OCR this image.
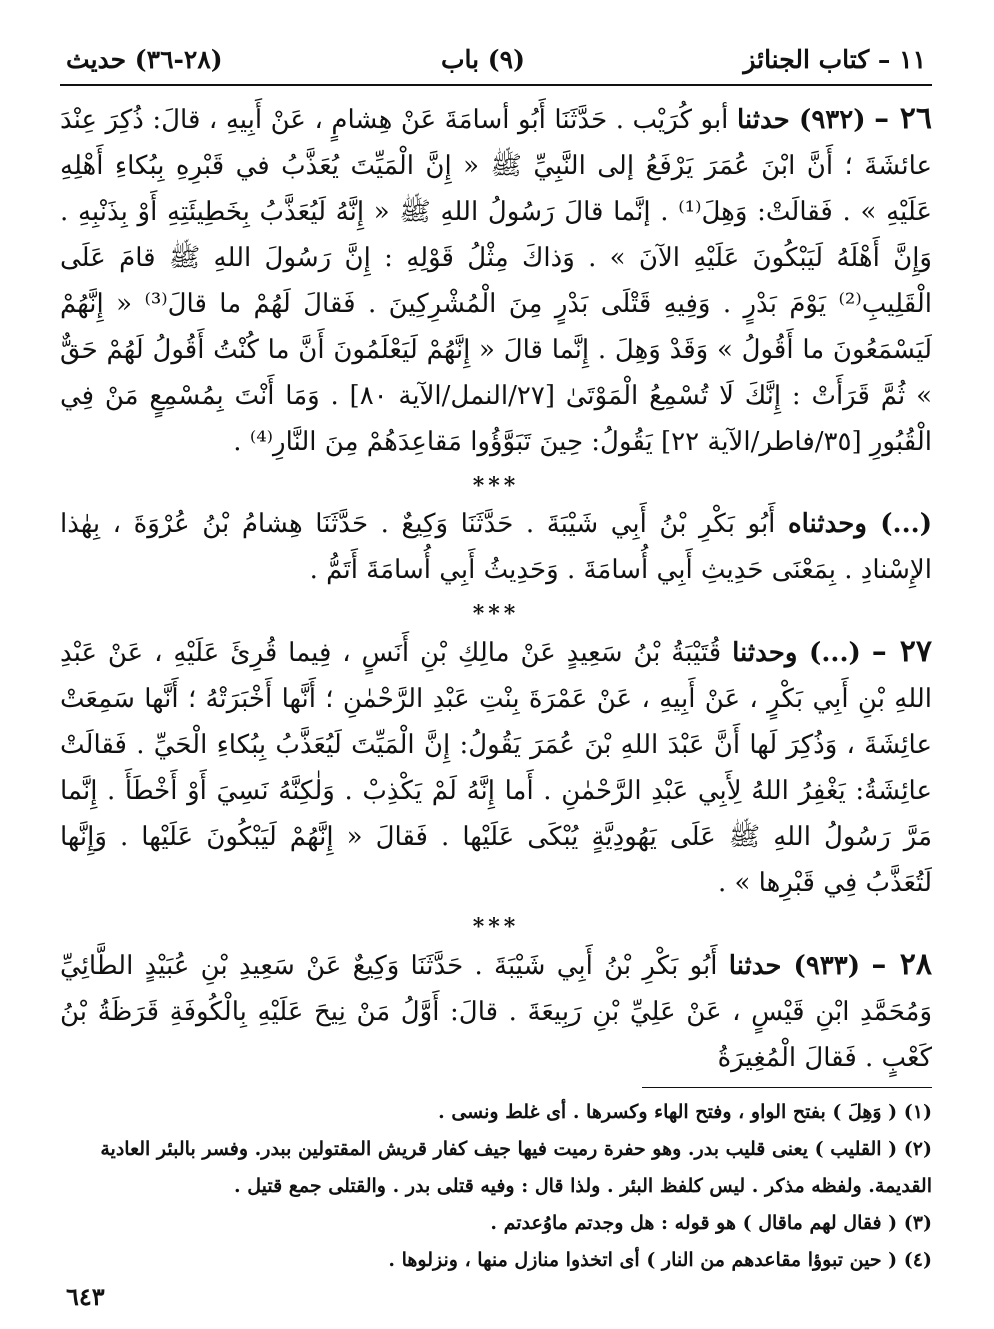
١١ – كتاب الجنائز
(٩) باب
(٢٨-٣٦) حديث

٢٦ – (٩٣٢) حدثنا أبو كُرَيْب . حَدَّثَنَا أَبُو أسامَةَ عَنْ هِشامٍ ، عَنْ أَبِيهِ ، قالَ: ذُكِرَ عِنْدَ عائشَةَ ؛ أَنَّ ابْنَ عُمَرَ يَرْفَعُ إلى النَّبِيِّ ﷺ « إِنَّ الْمَيِّتَ يُعَذَّبُ في قَبْرِهِ بِبُكاءِ أَهْلِهِ عَلَيْهِ » . فَقالَتْ: وَهِلَ⁽¹⁾ . إنَّما قالَ رَسُولُ اللهِ ﷺ « إِنَّهُ لَيُعَذَّبُ بِخَطِيئَتِهِ أَوْ بِذَنْبِهِ . وَإِنَّ أَهْلَهُ لَيَبْكُونَ عَلَيْهِ الآنَ » . وَذاكَ مِثْلُ قَوْلِهِ : إِنَّ رَسُولَ اللهِ ﷺ قامَ عَلَى الْقَلِيبِ⁽²⁾ يَوْمَ بَدْرٍ . وَفِيهِ قَتْلَى بَدْرٍ مِنَ الْمُشْرِكِينَ . فَقالَ لَهُمْ ما قالَ⁽³⁾ « إِنَّهُمْ لَيَسْمَعُونَ ما أَقُولُ » وَقَدْ وَهِلَ . إِنَّما قالَ « إِنَّهُمْ لَيَعْلَمُونَ أَنَّ ما كُنْتُ أَقُولُ لَهُمْ حَقٌّ » ثُمَّ قَرَأَتْ : إِنَّكَ لَا تُسْمِعُ الْمَوْتَىٰ [٢٧/النمل/الآية ٨٠] . وَمَا أَنْتَ بِمُسْمِعٍ مَنْ فِي الْقُبُورِ [٣٥/فاطر/الآية ٢٢] يَقُولُ: حِينَ تَبَوَّؤُوا مَقاعِدَهُمْ مِنَ النَّارِ⁽⁴⁾ .

***

(...) وحدثناه أَبُو بَكْرِ بْنُ أَبِي شَيْبَةَ . حَدَّثَنَا وَكِيعٌ . حَدَّثَنَا هِشامُ بْنُ عُرْوَةَ ، بِهٰذا الإِسْنادِ . بِمَعْنَى حَدِيثِ أَبِي أُسامَةَ . وَحَدِيثُ أَبِي أُسامَةَ أَتَمُّ .

***

٢٧ – (...) وحدثنا قُتَيْبَةُ بْنُ سَعِيدٍ عَنْ مالِكِ بْنِ أَنَسٍ ، فِيما قُرِئَ عَلَيْهِ ، عَنْ عَبْدِ اللهِ بْنِ أَبِي بَكْرٍ ، عَنْ أَبِيهِ ، عَنْ عَمْرَةَ بِنْتِ عَبْدِ الرَّحْمٰنِ ؛ أَنَّها أَخْبَرَتْهُ ؛ أَنَّها سَمِعَتْ عائِشَةَ ، وَذُكِرَ لَها أَنَّ عَبْدَ اللهِ بْنَ عُمَرَ يَقُولُ: إِنَّ الْمَيِّتَ لَيُعَذَّبُ بِبُكاءِ الْحَيِّ . فَقالَتْ عائِشَةُ: يَغْفِرُ اللهُ لِأَبِي عَبْدِ الرَّحْمٰنِ . أَما إِنَّهُ لَمْ يَكْذِبْ . وَلٰكِنَّهُ نَسِيَ أَوْ أَخْطَأَ . إِنَّما مَرَّ رَسُولُ اللهِ ﷺ عَلَى يَهُودِيَّةٍ يُبْكَى عَلَيْها . فَقالَ « إِنَّهُمْ لَيَبْكُونَ عَلَيْها . وَإِنَّها لَتُعَذَّبُ فِي قَبْرِها » .

***

٢٨ – (٩٣٣) حدثنا أَبُو بَكْرِ بْنُ أَبِي شَيْبَةَ . حَدَّثَنَا وَكِيعٌ عَنْ سَعِيدِ بْنِ عُبَيْدٍ الطَّائِيِّ وَمُحَمَّدِ ابْنِ قَيْسٍ ، عَنْ عَلِيِّ بْنِ رَبِيعَةَ . قالَ: أَوَّلُ مَنْ نِيحَ عَلَيْهِ بِالْكُوفَةِ قَرَظَةُ بْنُ كَعْبٍ . فَقالَ الْمُغِيرَةُ

(١) ( وَهِلَ ) بفتح الواو ، وفتح الهاء وكسرها . أى غلط ونسى .

(٢) ( القليب ) يعنى قليب بدر. وهو حفرة رميت فيها جيف كفار قريش المقتولين ببدر. وفسر بالبئر العادية القديمة. ولفظه مذكر . ليس كلفظ البئر . ولذا قال : وفيه قتلى بدر . والقتلى جمع قتيل .

(٣) ( فقال لهم ماقال ) هو قوله : هل وجدتم ماوُعدتم .

(٤) ( حين تبوؤا مقاعدهم من النار ) أى اتخذوا منازل منها ، ونزلوها .

٦٤٣
